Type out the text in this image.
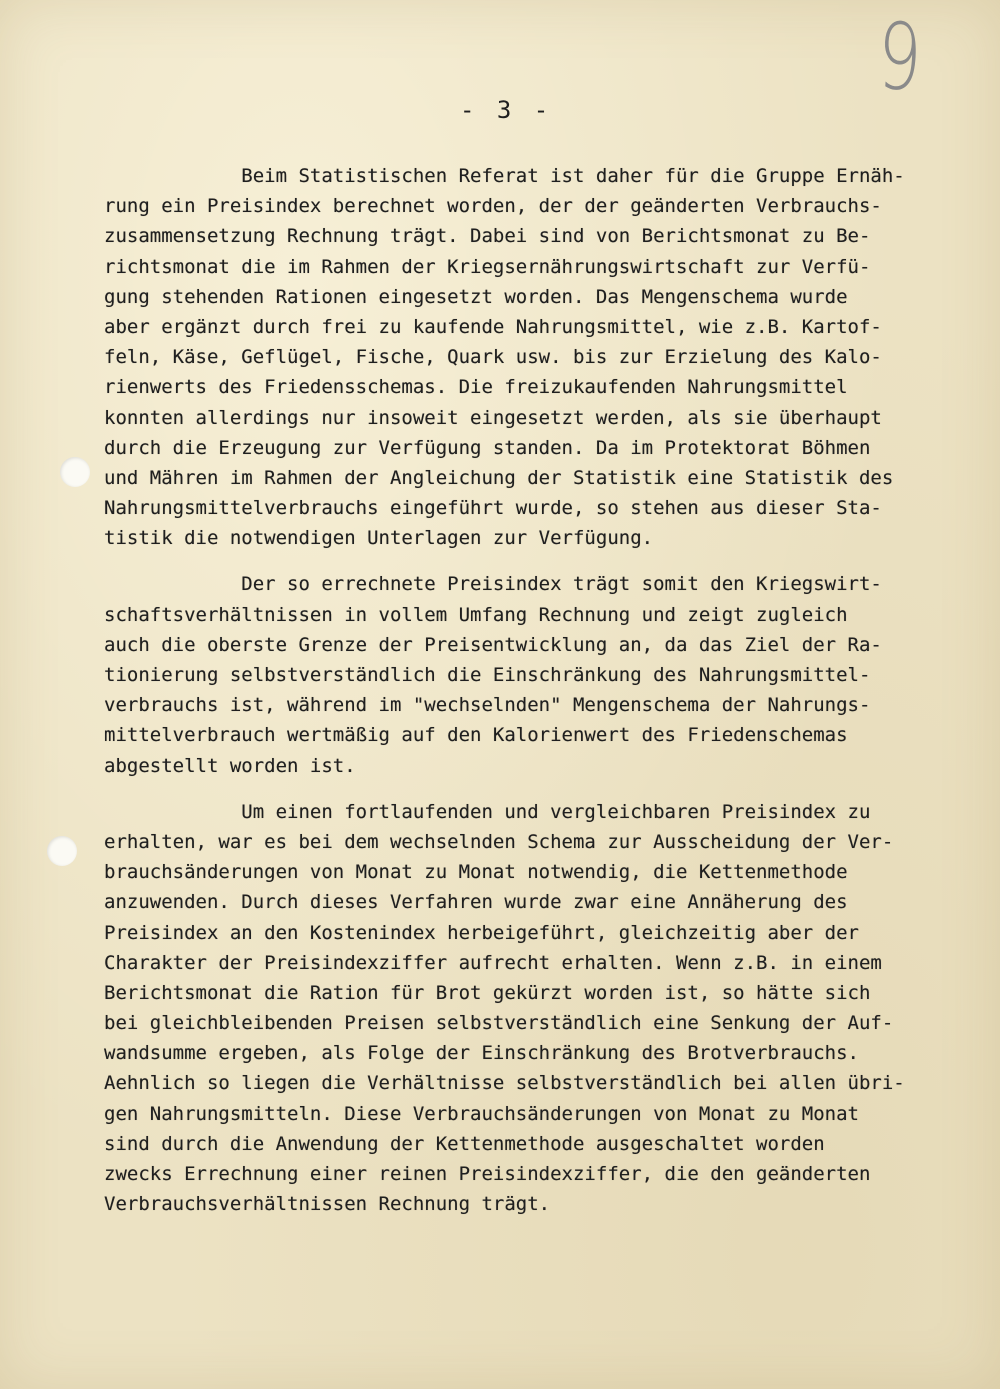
9
- 3 -
Beim Statistischen Referat ist daher für die Gruppe Ernäh-
rung ein Preisindex berechnet worden, der der geänderten Verbrauchs-
zusammensetzung Rechnung trägt. Dabei sind von Berichtsmonat zu Be-
richtsmonat die im Rahmen der Kriegsernährungswirtschaft zur Verfü-
gung stehenden Rationen eingesetzt worden. Das Mengenschema wurde
aber ergänzt durch frei zu kaufende Nahrungsmittel, wie z.B. Kartof-
feln, Käse, Geflügel, Fische, Quark usw. bis zur Erzielung des Kalo-
rienwerts des Friedensschemas. Die freizukaufenden Nahrungsmittel
konnten allerdings nur insoweit eingesetzt werden, als sie überhaupt
durch die Erzeugung zur Verfügung standen. Da im Protektorat Böhmen
und Mähren im Rahmen der Angleichung der Statistik eine Statistik des
Nahrungsmittelverbrauchs eingeführt wurde, so stehen aus dieser Sta-
tistik die notwendigen Unterlagen zur Verfügung.
Der so errechnete Preisindex trägt somit den Kriegswirt-
schaftsverhältnissen in vollem Umfang Rechnung und zeigt zugleich
auch die oberste Grenze der Preisentwicklung an, da das Ziel der Ra-
tionierung selbstverständlich die Einschränkung des Nahrungsmittel-
verbrauchs ist, während im "wechselnden" Mengenschema der Nahrungs-
mittelverbrauch wertmäßig auf den Kalorienwert des Friedenschemas
abgestellt worden ist.
Um einen fortlaufenden und vergleichbaren Preisindex zu
erhalten, war es bei dem wechselnden Schema zur Ausscheidung der Ver-
brauchsänderungen von Monat zu Monat notwendig, die Kettenmethode
anzuwenden. Durch dieses Verfahren wurde zwar eine Annäherung des
Preisindex an den Kostenindex herbeigeführt, gleichzeitig aber der
Charakter der Preisindexziffer aufrecht erhalten. Wenn z.B. in einem
Berichtsmonat die Ration für Brot gekürzt worden ist, so hätte sich
bei gleichbleibenden Preisen selbstverständlich eine Senkung der Auf-
wandsumme ergeben, als Folge der Einschränkung des Brotverbrauchs.
Aehnlich so liegen die Verhältnisse selbstverständlich bei allen übri-
gen Nahrungsmitteln. Diese Verbrauchsänderungen von Monat zu Monat
sind durch die Anwendung der Kettenmethode ausgeschaltet worden
zwecks Errechnung einer reinen Preisindexziffer, die den geänderten
Verbrauchsverhältnissen Rechnung trägt.
